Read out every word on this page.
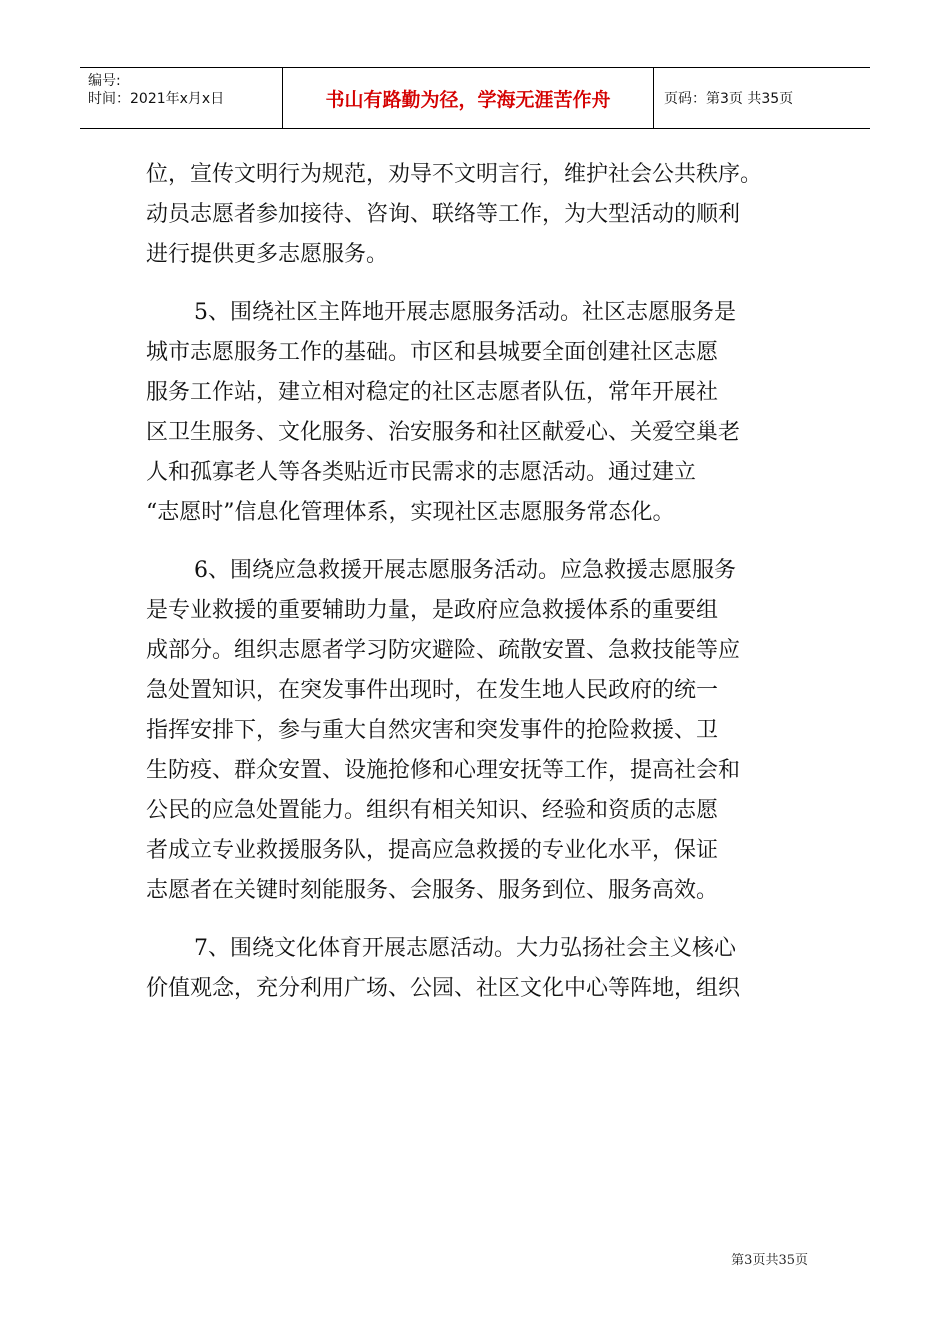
编号:
时间：2021年x月x日	书山有路勤为径，学海无涯苦作舟	页码：第3页 共35页
位，宣传文明行为规范，劝导不文明言行，维护社会公共秩序。
动员志愿者参加接待、咨询、联络等工作，为大型活动的顺利
进行提供更多志愿服务。
5、围绕社区主阵地开展志愿服务活动。社区志愿服务是
城市志愿服务工作的基础。市区和县城要全面创建社区志愿
服务工作站，建立相对稳定的社区志愿者队伍，常年开展社
区卫生服务、文化服务、治安服务和社区献爱心、关爱空巢老
人和孤寡老人等各类贴近市民需求的志愿活动。通过建立
“志愿时”信息化管理体系，实现社区志愿服务常态化。
6、围绕应急救援开展志愿服务活动。应急救援志愿服务
是专业救援的重要辅助力量，是政府应急救援体系的重要组
成部分。组织志愿者学习防灾避险、疏散安置、急救技能等应
急处置知识，在突发事件出现时，在发生地人民政府的统一
指挥安排下，参与重大自然灾害和突发事件的抢险救援、卫
生防疫、群众安置、设施抢修和心理安抚等工作，提高社会和
公民的应急处置能力。组织有相关知识、经验和资质的志愿
者成立专业救援服务队，提高应急救援的专业化水平，保证
志愿者在关键时刻能服务、会服务、服务到位、服务高效。
7、围绕文化体育开展志愿活动。大力弘扬社会主义核心
价值观念，充分利用广场、公园、社区文化中心等阵地，组织
第3页共35页
